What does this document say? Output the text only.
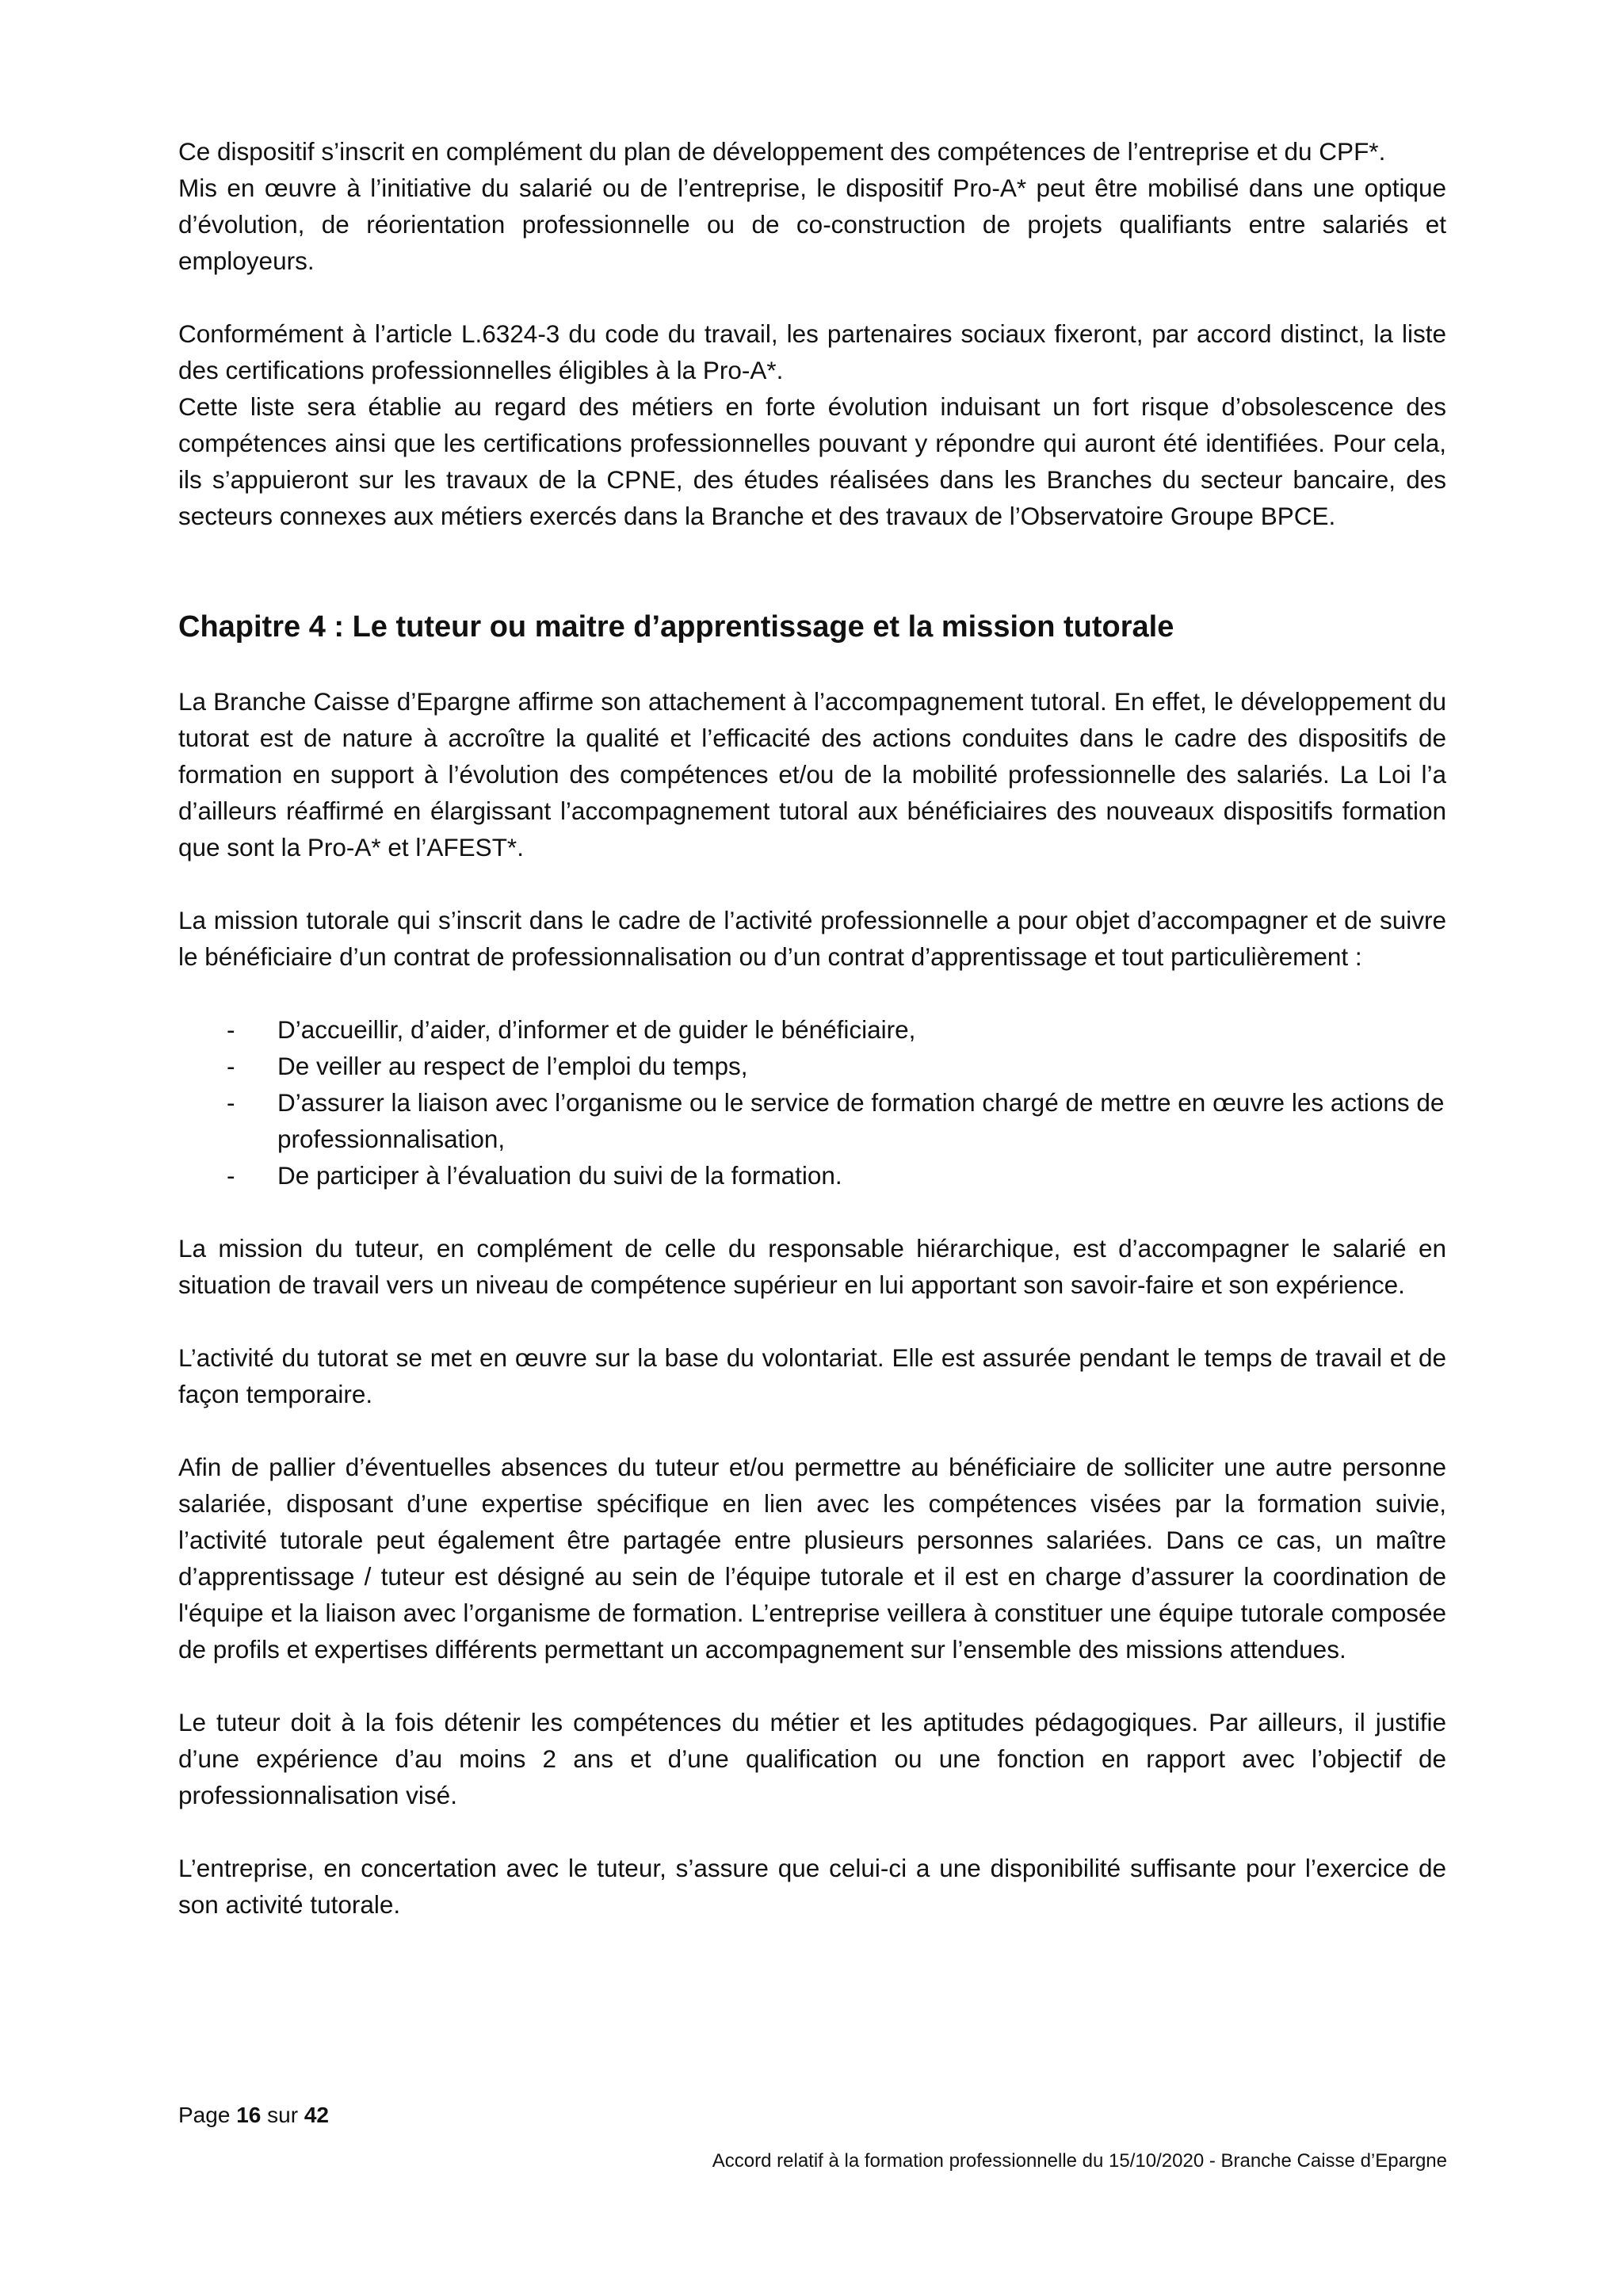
Ce dispositif s’inscrit en complément du plan de développement des compétences de l’entreprise et du CPF*.

Mis en œuvre à l’initiative du salarié ou de l’entreprise, le dispositif Pro-A* peut être mobilisé dans une optique d’évolution, de réorientation professionnelle ou de co-construction de projets qualifiants entre salariés et employeurs.

Conformément à l’article L.6324-3 du code du travail, les partenaires sociaux fixeront, par accord distinct, la liste des certifications professionnelles éligibles à la Pro-A*.

Cette liste sera établie au regard des métiers en forte évolution induisant un fort risque d’obsolescence des compétences ainsi que les certifications professionnelles pouvant y répondre qui auront été identifiées. Pour cela, ils s’appuieront sur les travaux de la CPNE, des études réalisées dans les Branches du secteur bancaire, des secteurs connexes aux métiers exercés dans la Branche et des travaux de l’Observatoire Groupe BPCE.

Chapitre 4 : Le tuteur ou maitre d’apprentissage et la mission tutorale

La Branche Caisse d’Epargne affirme son attachement à l’accompagnement tutoral. En effet, le développement du tutorat est de nature à accroître la qualité et l’efficacité des actions conduites dans le cadre des dispositifs de formation en support à l’évolution des compétences et/ou de la mobilité professionnelle des salariés. La Loi l’a d’ailleurs réaffirmé en élargissant l’accompagnement tutoral aux bénéficiaires des nouveaux dispositifs formation que sont la Pro-A* et l’AFEST*.

La mission tutorale qui s’inscrit dans le cadre de l’activité professionnelle a pour objet d’accompagner et de suivre le bénéficiaire d’un contrat de professionnalisation ou d’un contrat d’apprentissage et tout particulièrement :

- D’accueillir, d’aider, d’informer et de guider le bénéficiaire,
- De veiller au respect de l’emploi du temps,
- D’assurer la liaison avec l’organisme ou le service de formation chargé de mettre en œuvre les actions de professionnalisation,
- De participer à l’évaluation du suivi de la formation.

La mission du tuteur, en complément de celle du responsable hiérarchique, est d’accompagner le salarié en situation de travail vers un niveau de compétence supérieur en lui apportant son savoir-faire et son expérience.

L’activité du tutorat se met en œuvre sur la base du volontariat. Elle est assurée pendant le temps de travail et de façon temporaire.

Afin de pallier d’éventuelles absences du tuteur et/ou permettre au bénéficiaire de solliciter une autre personne salariée, disposant d’une expertise spécifique en lien avec les compétences visées par la formation suivie, l’activité tutorale peut également être partagée entre plusieurs personnes salariées. Dans ce cas, un maître d’apprentissage / tuteur est désigné au sein de l’équipe tutorale et il est en charge d’assurer la coordination de l'équipe et la liaison avec l’organisme de formation. L’entreprise veillera à constituer une équipe tutorale composée de profils et expertises différents permettant un accompagnement sur l’ensemble des missions attendues.

Le tuteur doit à la fois détenir les compétences du métier et les aptitudes pédagogiques. Par ailleurs, il justifie d’une expérience d’au moins 2 ans et d’une qualification ou une fonction en rapport avec l’objectif de professionnalisation visé.

L’entreprise, en concertation avec le tuteur, s’assure que celui-ci a une disponibilité suffisante pour l’exercice de son activité tutorale.

Page 16 sur 42
Accord relatif à la formation professionnelle du 15/10/2020 - Branche Caisse d’Epargne
